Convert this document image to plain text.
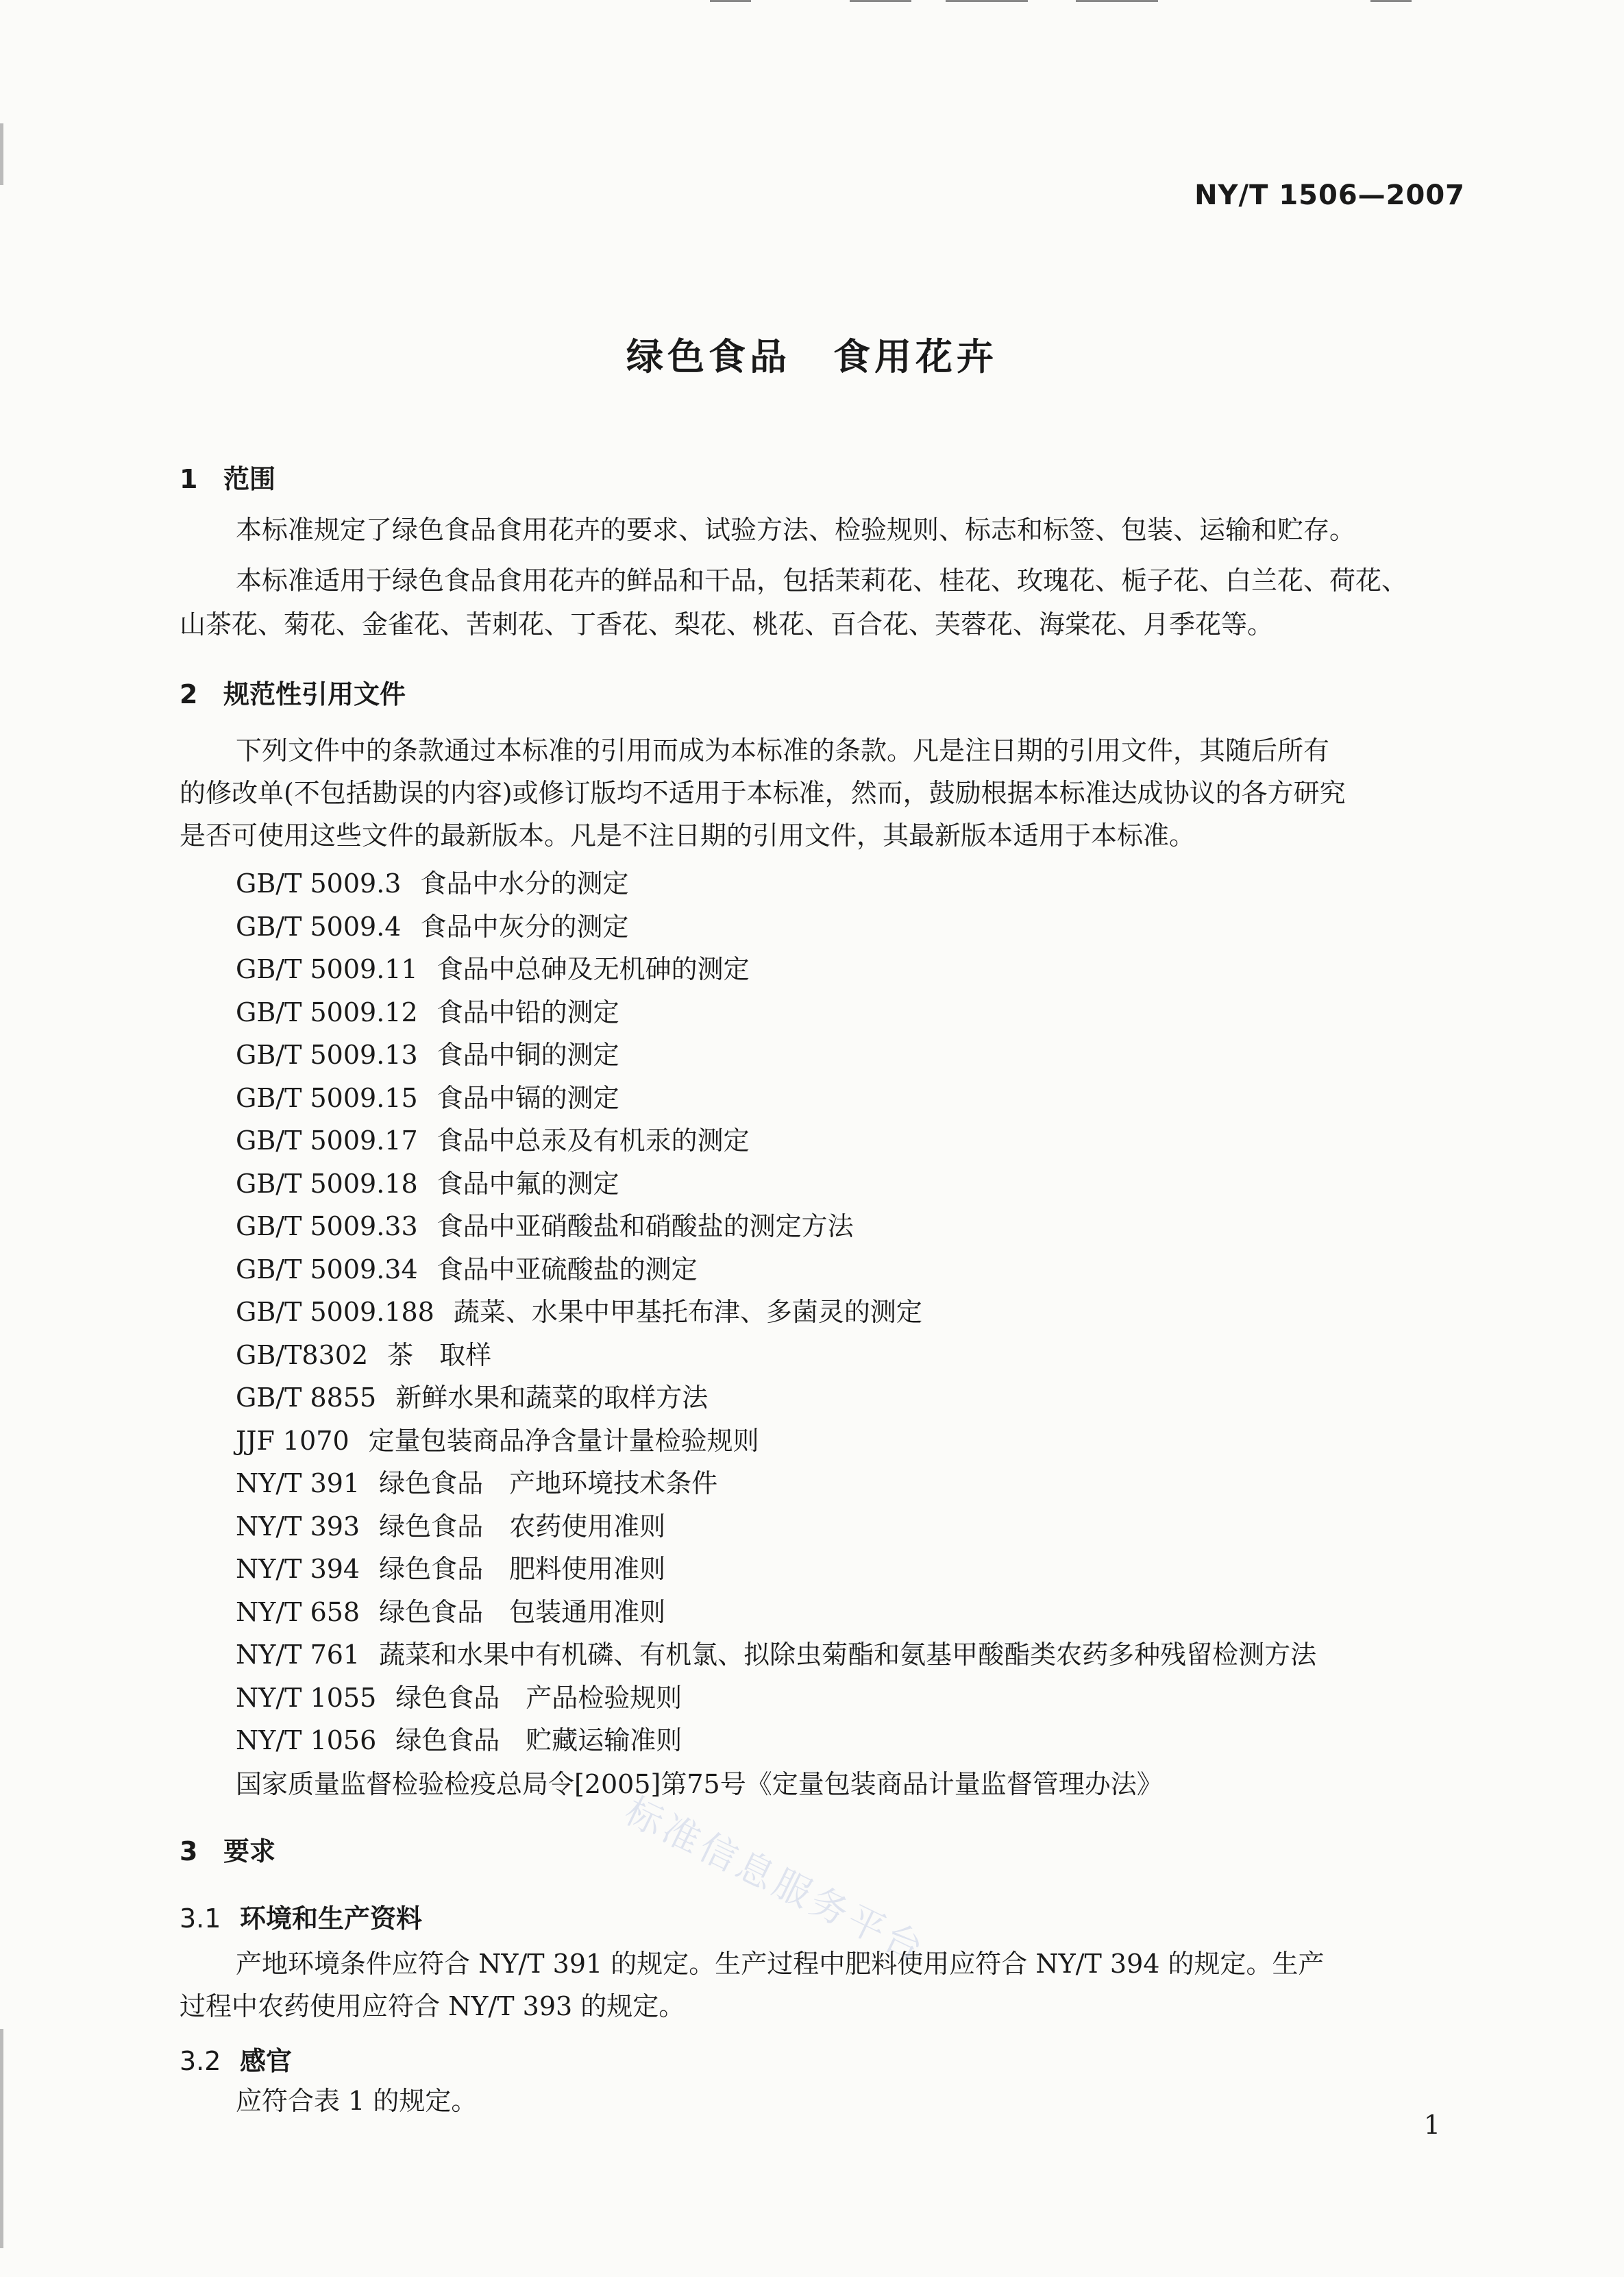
NY/T 1506—2007
绿色食品 食用花卉
1 范围
本标准规定了绿色食品食用花卉的要求、试验方法、检验规则、标志和标签、包装、运输和贮存。
本标准适用于绿色食品食用花卉的鲜品和干品，包括茉莉花、桂花、玫瑰花、栀子花、白兰花、荷花、
山茶花、菊花、金雀花、苦刺花、丁香花、梨花、桃花、百合花、芙蓉花、海棠花、月季花等。
2 规范性引用文件
下列文件中的条款通过本标准的引用而成为本标准的条款。凡是注日期的引用文件，其随后所有
的修改单(不包括勘误的内容)或修订版均不适用于本标准，然而，鼓励根据本标准达成协议的各方研究
是否可使用这些文件的最新版本。凡是不注日期的引用文件，其最新版本适用于本标准。
GB/T 5009.3 食品中水分的测定
GB/T 5009.4 食品中灰分的测定
GB/T 5009.11 食品中总砷及无机砷的测定
GB/T 5009.12 食品中铅的测定
GB/T 5009.13 食品中铜的测定
GB/T 5009.15 食品中镉的测定
GB/T 5009.17 食品中总汞及有机汞的测定
GB/T 5009.18 食品中氟的测定
GB/T 5009.33 食品中亚硝酸盐和硝酸盐的测定方法
GB/T 5009.34 食品中亚硫酸盐的测定
GB/T 5009.188 蔬菜、水果中甲基托布津、多菌灵的测定
GB/T8302 茶　取样
GB/T 8855 新鲜水果和蔬菜的取样方法
JJF 1070 定量包装商品净含量计量检验规则
NY/T 391 绿色食品　产地环境技术条件
NY/T 393 绿色食品　农药使用准则
NY/T 394 绿色食品　肥料使用准则
NY/T 658 绿色食品　包装通用准则
NY/T 761 蔬菜和水果中有机磷、有机氯、拟除虫菊酯和氨基甲酸酯类农药多种残留检测方法
NY/T 1055 绿色食品　产品检验规则
NY/T 1056 绿色食品　贮藏运输准则
国家质量监督检验检疫总局令[2005]第75号《定量包装商品计量监督管理办法》
3 要求
3.1 环境和生产资料
产地环境条件应符合 NY/T 391 的规定。生产过程中肥料使用应符合 NY/T 394 的规定。生产
过程中农药使用应符合 NY/T 393 的规定。
3.2 感官
应符合表 1 的规定。
1
标准信息服务平台
